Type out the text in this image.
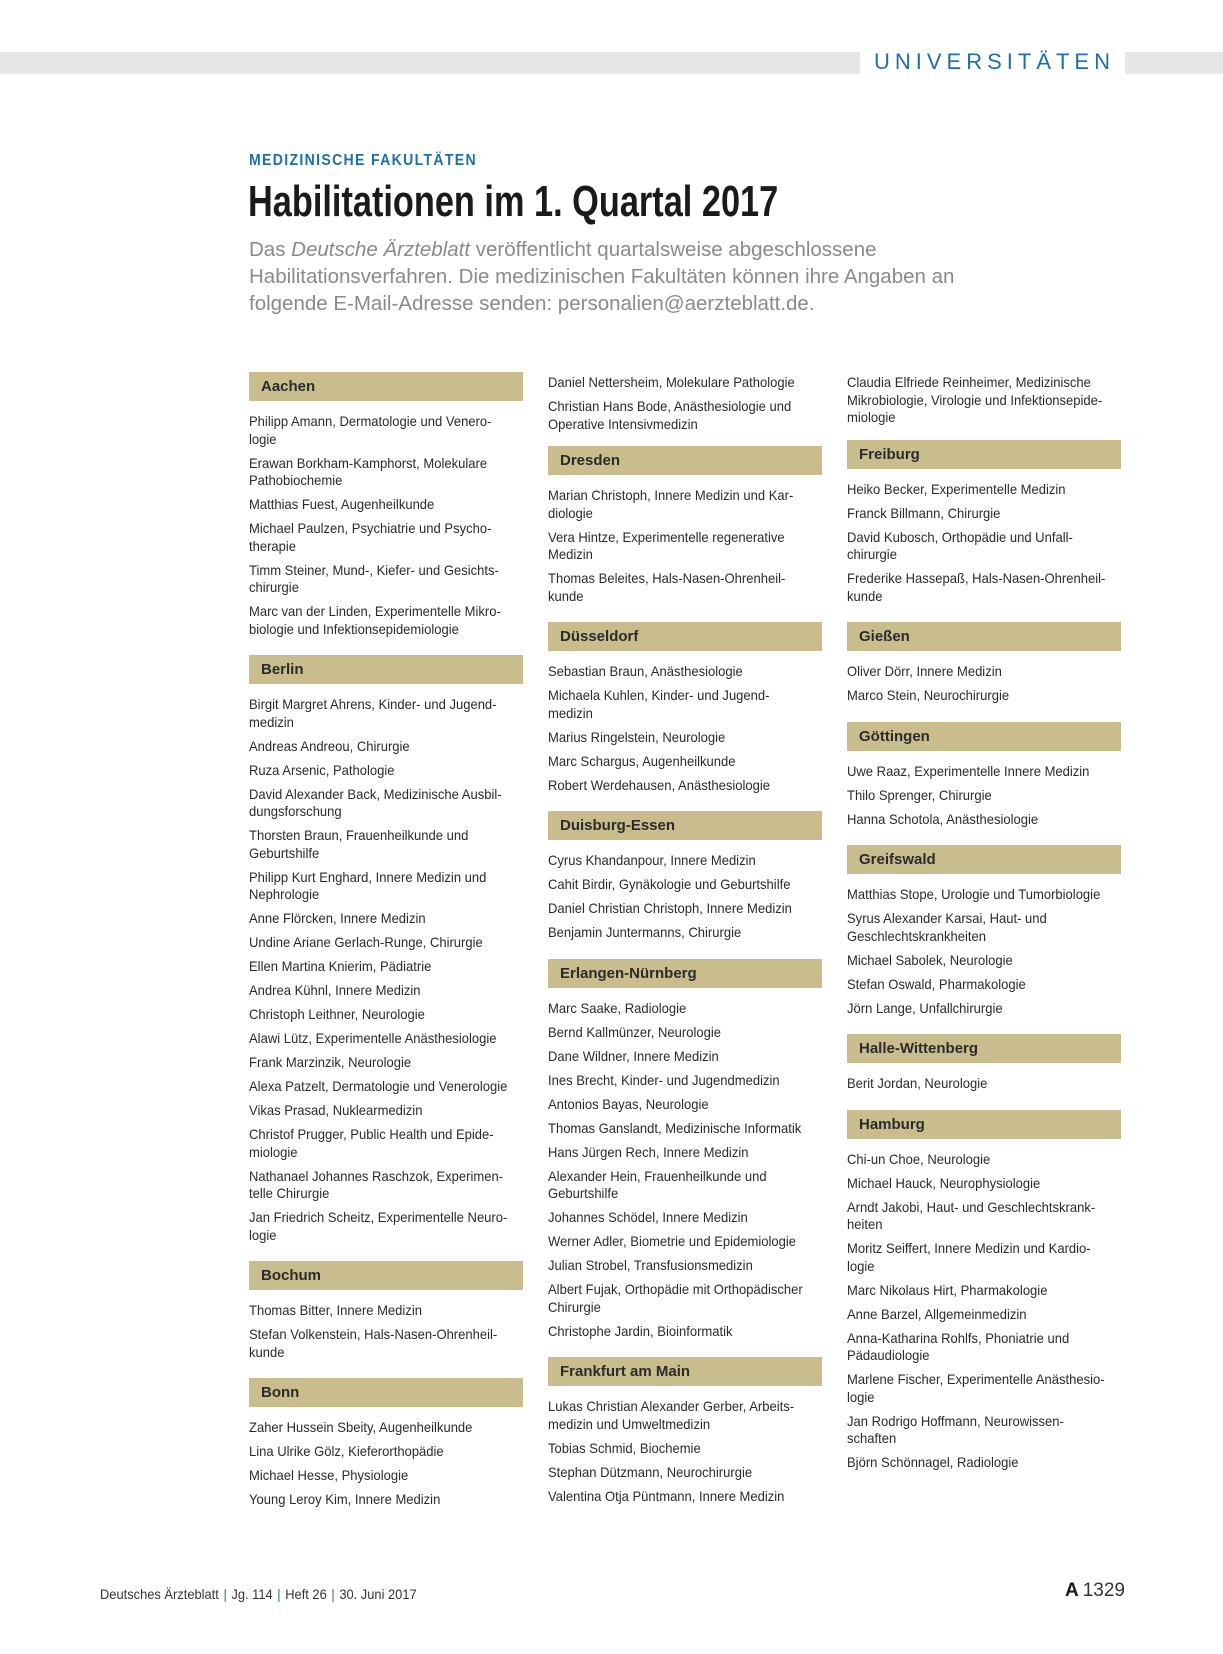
UNIVERSITÄTEN
MEDIZINISCHE FAKULTÄTEN
Habilitationen im 1. Quartal 2017

Das Deutsche Ärzteblatt veröffentlicht quartalsweise abgeschlossene Habilitationsverfahren. Die medizinischen Fakultäten können ihre Angaben an folgende E-Mail-Adresse senden: personalien@aerzteblatt.de.

Aachen
Philipp Amann, Dermatologie und Venero-
logie
Erawan Borkham-Kamphorst, Molekulare
Pathobiochemie
Matthias Fuest, Augenheilkunde
Michael Paulzen, Psychiatrie und Psycho-
therapie
Timm Steiner, Mund-, Kiefer- und Gesichts-
chirurgie
Marc van der Linden, Experimentelle Mikro-
biologie und Infektionsepidemiologie
Berlin
Birgit Margret Ahrens, Kinder- und Jugend-
medizin
Andreas Andreou, Chirurgie
Ruza Arsenic, Pathologie
David Alexander Back, Medizinische Ausbil-
dungsforschung
Thorsten Braun, Frauenheilkunde und
Geburtshilfe
Philipp Kurt Enghard, Innere Medizin und
Nephrologie
Anne Flörcken, Innere Medizin
Undine Ariane Gerlach-Runge, Chirurgie
Ellen Martina Knierim, Pädiatrie
Andrea Kühnl, Innere Medizin
Christoph Leithner, Neurologie
Alawi Lütz, Experimentelle Anästhesiologie
Frank Marzinzik, Neurologie
Alexa Patzelt, Dermatologie und Venerologie
Vikas Prasad, Nuklearmedizin
Christof Prugger, Public Health und Epide-
miologie
Nathanael Johannes Raschzok, Experimen-
telle Chirurgie
Jan Friedrich Scheitz, Experimentelle Neuro-
logie
Bochum
Thomas Bitter, Innere Medizin
Stefan Volkenstein, Hals-Nasen-Ohrenheil-
kunde
Bonn
Zaher Hussein Sbeity, Augenheilkunde
Lina Ulrike Gölz, Kieferorthopädie
Michael Hesse, Physiologie
Young Leroy Kim, Innere Medizin
Daniel Nettersheim, Molekulare Pathologie
Christian Hans Bode, Anästhesiologie und
Operative Intensivmedizin
Dresden
Marian Christoph, Innere Medizin und Kar-
diologie
Vera Hintze, Experimentelle regenerative
Medizin
Thomas Beleites, Hals-Nasen-Ohrenheil-
kunde
Düsseldorf
Sebastian Braun, Anästhesiologie
Michaela Kuhlen, Kinder- und Jugend-
medizin
Marius Ringelstein, Neurologie
Marc Schargus, Augenheilkunde
Robert Werdehausen, Anästhesiologie
Duisburg-Essen
Cyrus Khandanpour, Innere Medizin
Cahit Birdir, Gynäkologie und Geburtshilfe
Daniel Christian Christoph, Innere Medizin
Benjamin Juntermanns, Chirurgie
Erlangen-Nürnberg
Marc Saake, Radiologie
Bernd Kallmünzer, Neurologie
Dane Wildner, Innere Medizin
Ines Brecht, Kinder- und Jugendmedizin
Antonios Bayas, Neurologie
Thomas Ganslandt, Medizinische Informatik
Hans Jürgen Rech, Innere Medizin
Alexander Hein, Frauenheilkunde und
Geburtshilfe
Johannes Schödel, Innere Medizin
Werner Adler, Biometrie und Epidemiologie
Julian Strobel, Transfusionsmedizin
Albert Fujak, Orthopädie mit Orthopädischer
Chirurgie
Christophe Jardin, Bioinformatik
Frankfurt am Main
Lukas Christian Alexander Gerber, Arbeits-
medizin und Umweltmedizin
Tobias Schmid, Biochemie
Stephan Dützmann, Neurochirurgie
Valentina Otja Püntmann, Innere Medizin
Claudia Elfriede Reinheimer, Medizinische
Mikrobiologie, Virologie und Infektionsepide-
miologie
Freiburg
Heiko Becker, Experimentelle Medizin
Franck Billmann, Chirurgie
David Kubosch, Orthopädie und Unfall-
chirurgie
Frederike Hassepaß, Hals-Nasen-Ohrenheil-
kunde
Gießen
Oliver Dörr, Innere Medizin
Marco Stein, Neurochirurgie
Göttingen
Uwe Raaz, Experimentelle Innere Medizin
Thilo Sprenger, Chirurgie
Hanna Schotola, Anästhesiologie
Greifswald
Matthias Stope, Urologie und Tumorbiologie
Syrus Alexander Karsai, Haut- und
Geschlechtskrankheiten
Michael Sabolek, Neurologie
Stefan Oswald, Pharmakologie
Jörn Lange, Unfallchirurgie
Halle-Wittenberg
Berit Jordan, Neurologie
Hamburg
Chi-un Choe, Neurologie
Michael Hauck, Neurophysiologie
Arndt Jakobi, Haut- und Geschlechtskrank-
heiten
Moritz Seiffert, Innere Medizin und Kardio-
logie
Marc Nikolaus Hirt, Pharmakologie
Anne Barzel, Allgemeinmedizin
Anna-Katharina Rohlfs, Phoniatrie und
Pädaudiologie
Marlene Fischer, Experimentelle Anästhesio-
logie
Jan Rodrigo Hoffmann, Neurowissen-
schaften
Björn Schönnagel, Radiologie
Deutsches Ärzteblatt | Jg. 114 | Heft 26 | 30. Juni 2017	A 1329
